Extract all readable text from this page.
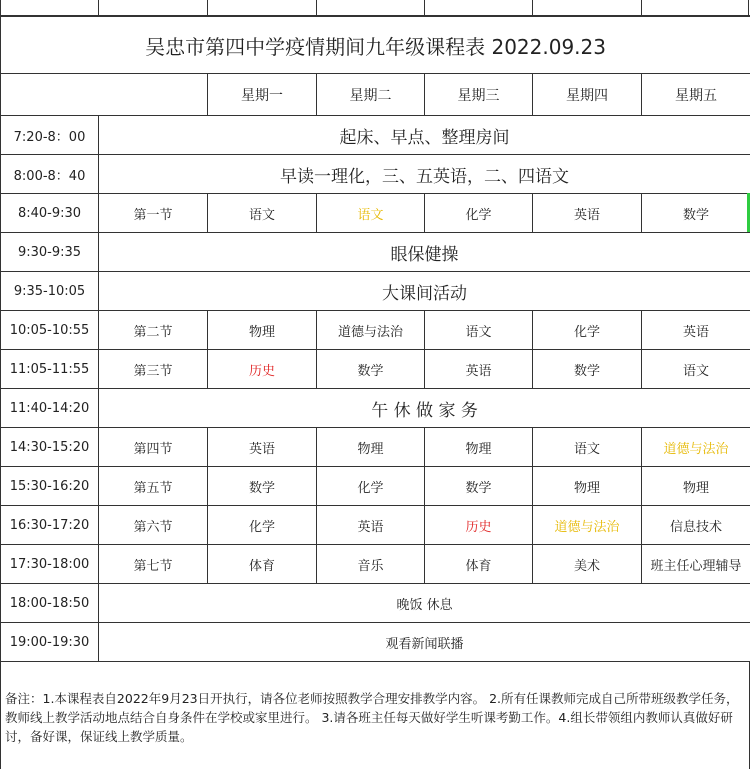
吴忠市第四中学疫情期间九年级课程表 2022.09.23						
		星期一	星期二	星期三	星期四	星期五
7:20-8：00	起床、早点、整理房间					
8:00-8：40	早读一理化，三、五英语，二、四语文					
8:40-9:30	第一节	语文	语文	化学	英语	数学
9:30-9:35	眼保健操					
9:35-10:05	大课间活动					
10:05-10:55	第二节	物理	道德与法治	语文	化学	英语
11:05-11:55	第三节	历史	数学	英语	数学	语文
11:40-14:20	午 休 做 家 务					
14:30-15:20	第四节	英语	物理	物理	语文	道德与法治
15:30-16:20	第五节	数学	化学	数学	物理	物理
16:30-17:20	第六节	化学	英语	历史	道德与法治	信息技术
17:30-18:00	第七节	体育	音乐	体育	美术	班主任心理辅导
18:00-18:50	晚饭 休息					
19:00-19:30	观看新闻联播					
备注：1.本课程表自2022年9月23日开执行，请各位老师按照教学合理安排教学内容。 2.所有任课教师完成自己所带班级教学任务，教师线上教学活动地点结合自身条件在学校或家里进行。 3.请各班主任每天做好学生听课考勤工作。4.组长带领组内教师认真做好研讨，备好课，保证线上教学质量。
